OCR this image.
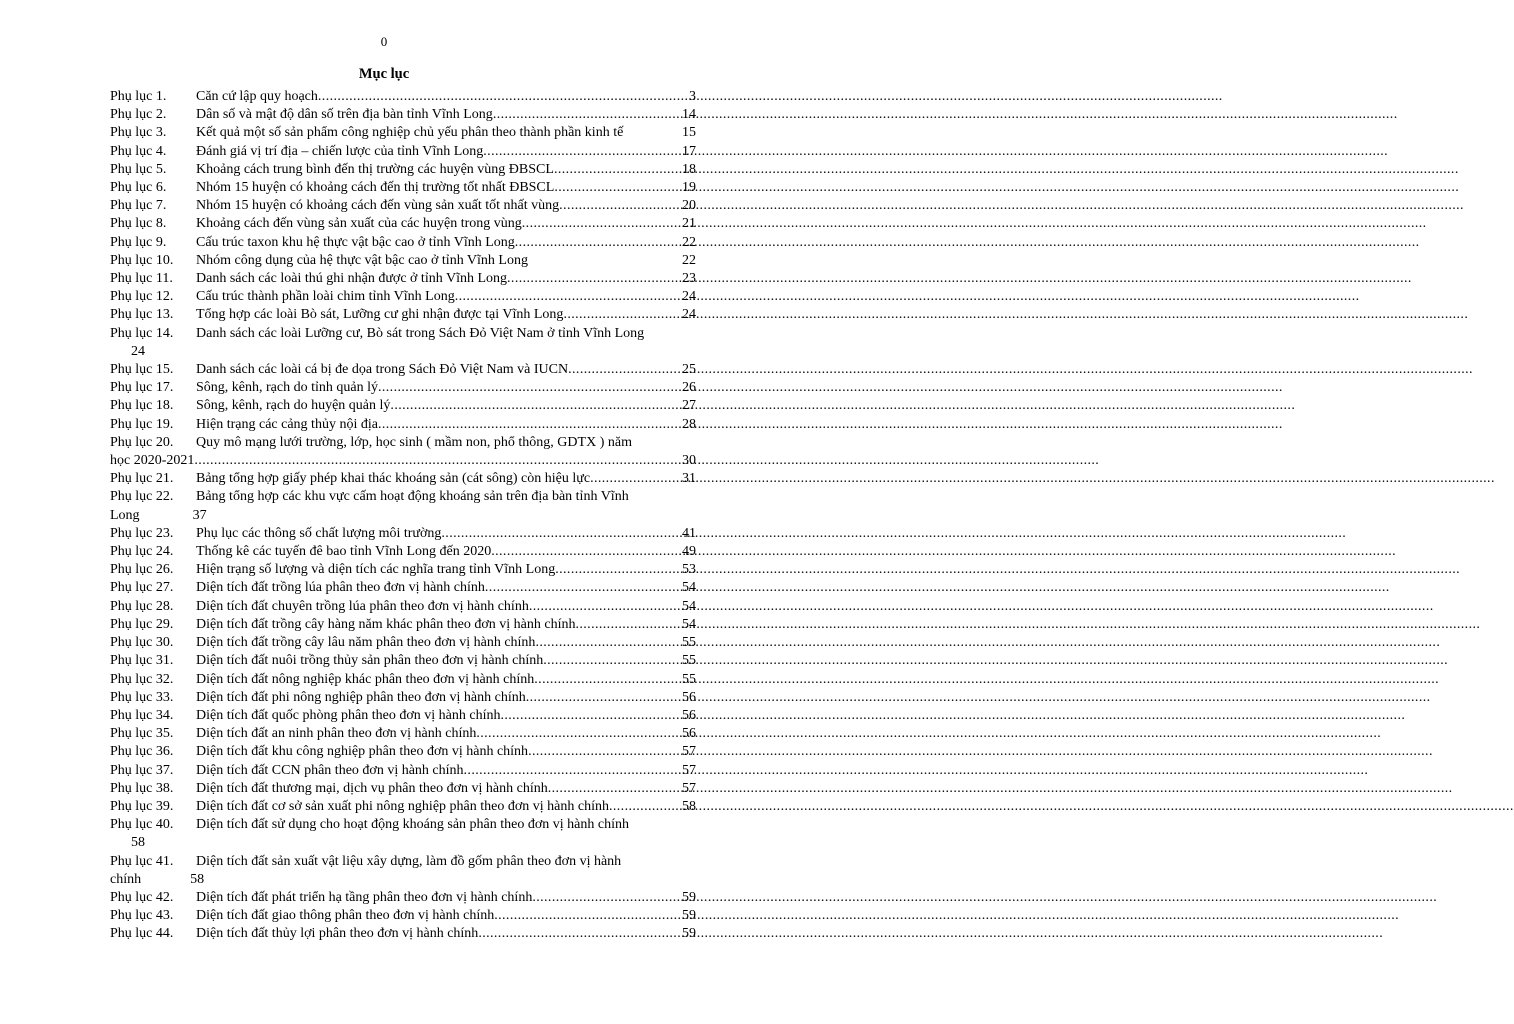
0
Mục lục
Phụ lục 1.	Căn cứ lập quy hoạch .....	3
Phụ lục 2.	Dân số và mật độ dân số trên địa bàn tỉnh Vĩnh Long .....	14
Phụ lục 3.	Kết quả một số sản phẩm công nghiệp chủ yếu phân theo thành phần kinh tế	15
Phụ lục 4.	Đánh giá vị trí địa – chiến lược của tỉnh Vĩnh Long .....	17
Phụ lục 5.	Khoảng cách trung bình đến thị trường các huyện vùng ĐBSCL .....	18
Phụ lục 6.	Nhóm 15 huyện có khoảng cách đến thị trường tốt nhất ĐBSCL .....	19
Phụ lục 7.	Nhóm 15 huyện có khoảng cách đến vùng sản xuất tốt nhất vùng .....	20
Phụ lục 8.	Khoảng cách đến vùng sản xuất của các huyện trong vùng .....	21
Phụ lục 9.	Cấu trúc taxon khu hệ thực vật bậc cao ở tỉnh Vĩnh Long .....	22
Phụ lục 10.	Nhóm công dụng của hệ thực vật bậc cao ở tỉnh Vĩnh Long	22
Phụ lục 11.	Danh sách các loài thú ghi nhận được ở tỉnh Vĩnh Long .....	23
Phụ lục 12.	Cấu trúc thành phần loài chim tỉnh Vĩnh Long .....	24
Phụ lục 13.	Tổng hợp các loài Bò sát, Lưỡng cư ghi nhận được tại Vĩnh Long .....	24
Phụ lục 14.	Danh sách các loài Lưỡng cư, Bò sát trong Sách Đỏ Việt Nam ở tỉnh Vĩnh Long
24
Phụ lục 15.	Danh sách các loài cá bị đe dọa trong Sách Đỏ Việt Nam và IUCN .....	25
Phụ lục 17.	Sông, kênh, rạch do tỉnh quản lý .....	26
Phụ lục 18.	Sông, kênh, rạch do huyện quản lý .....	27
Phụ lục 19.	Hiện trạng các cảng thủy nội địa .....	28
Phụ lục 20.	Quy mô mạng lưới trường, lớp, học sinh ( mầm non, phổ thông, GDTX ) năm
học 2020-2021 .....	30
Phụ lục 21.	Bảng tổng hợp giấy phép khai thác khoáng sản (cát sông) còn hiệu lực .....	31
Phụ lục 22.	Bảng tổng hợp các khu vực cấm hoạt động khoáng sản trên địa bàn tỉnh Vĩnh
Long	37
Phụ lục 23.	Phụ lục các thông số chất lượng môi trường .....	41
Phụ lục 24.	Thống kê các tuyến đê bao tỉnh Vĩnh Long đến 2020 .....	49
Phụ lục 26.	Hiện trạng số lượng và diện tích các nghĩa trang tỉnh Vĩnh Long .....	53
Phụ lục 27.	Diện tích đất trồng lúa phân theo đơn vị hành chính .....	54
Phụ lục 28.	Diện tích đất chuyên trồng lúa phân theo đơn vị hành chính .....	54
Phụ lục 29.	Diện tích đất trồng cây hàng năm khác phân theo đơn vị hành chính .....	54
Phụ lục 30.	Diện tích đất trồng cây lâu năm phân theo đơn vị hành chính .....	55
Phụ lục 31.	Diện tích đất nuôi trồng thủy sản phân theo đơn vị hành chính .....	55
Phụ lục 32.	Diện tích đất nông nghiệp khác phân theo đơn vị hành chính .....	55
Phụ lục 33.	Diện tích đất phi nông nghiệp phân theo đơn vị hành chính .....	56
Phụ lục 34.	Diện tích đất quốc phòng phân theo đơn vị hành chính .....	56
Phụ lục 35.	Diện tích đất an ninh phân theo đơn vị hành chính .....	56
Phụ lục 36.	Diện tích đất khu công nghiệp phân theo đơn vị hành chính .....	57
Phụ lục 37.	Diện tích đất CCN phân theo đơn vị hành chính .....	57
Phụ lục 38.	Diện tích đất thương mại, dịch vụ phân theo đơn vị hành chính .....	57
Phụ lục 39.	Diện tích đất cơ sở sản xuất phi nông nghiệp phân theo đơn vị hành chính .....	58
Phụ lục 40.	Diện tích đất sử dụng cho hoạt động khoáng sản phân theo đơn vị hành chính
58
Phụ lục 41.	Diện tích đất sản xuất vật liệu xây dựng, làm đồ gốm phân theo đơn vị hành
chính	58
Phụ lục 42.	Diện tích đất phát triển hạ tầng phân theo đơn vị hành chính .....	59
Phụ lục 43.	Diện tích đất giao thông phân theo đơn vị hành chính .....	59
Phụ lục 44.	Diện tích đất thủy lợi phân theo đơn vị hành chính .....	59
